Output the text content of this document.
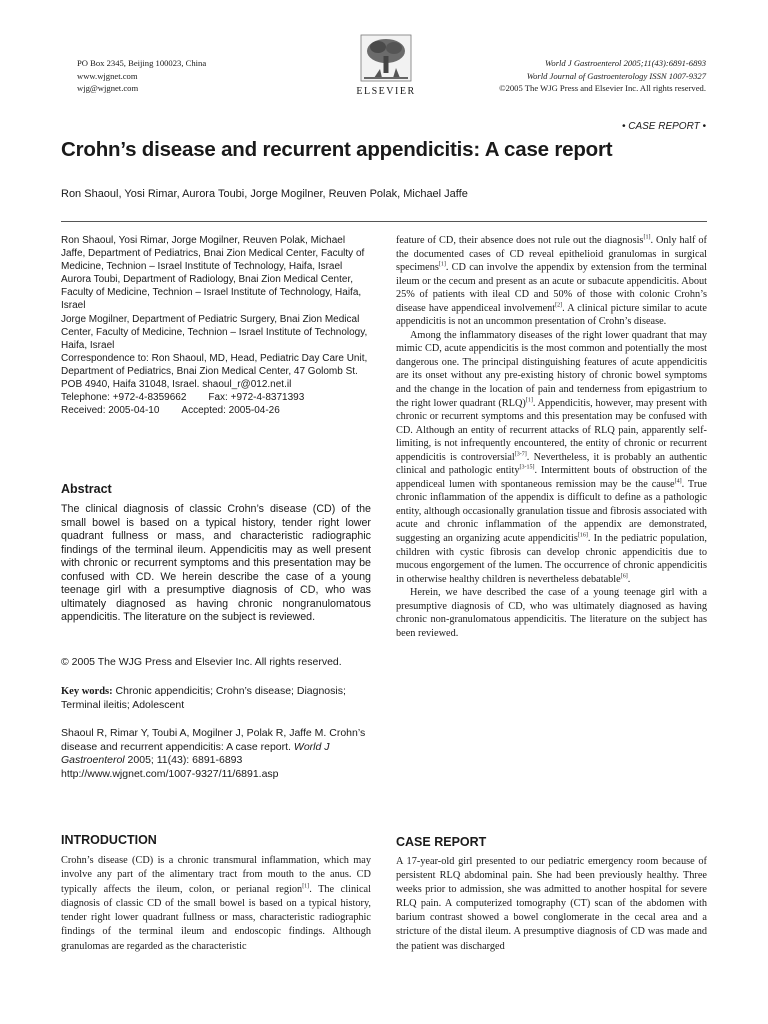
PO Box 2345, Beijing 100023, China
www.wjgnet.com
wjg@wjgnet.com	ELSEVIER
World J Gastroenterol 2005;11(43):6891-6893
World Journal of Gastroenterology ISSN 1007-9327
©2005 The WJG Press and Elsevier Inc. All rights reserved.
• CASE REPORT •
Crohn’s disease and recurrent appendicitis: A case report
Ron Shaoul, Yosi Rimar, Aurora Toubi, Jorge Mogilner, Reuven Polak, Michael Jaffe

Ron Shaoul, Yosi Rimar, Jorge Mogilner, Reuven Polak, Michael Jaffe, Department of Pediatrics, Bnai Zion Medical Center, Faculty of Medicine, Technion – Israel Institute of Technology, Haifa, Israel

Aurora Toubi, Department of Radiology, Bnai Zion Medical Center, Faculty of Medicine, Technion – Israel Institute of Technology, Haifa, Israel

Jorge Mogilner, Department of Pediatric Surgery, Bnai Zion Medical Center, Faculty of Medicine, Technion – Israel Institute of Technology, Haifa, Israel

Correspondence to: Ron Shaoul, MD, Head, Pediatric Day Care Unit, Department of Pediatrics, Bnai Zion Medical Center, 47 Golomb St. POB 4940, Haifa 31048, Israel. shaoul_r@012.net.il

Telephone: +972-4-8359662 Fax: +972-4-8371393

Received: 2005-04-10 Accepted: 2005-04-26

Abstract

The clinical diagnosis of classic Crohn’s disease (CD) of the small bowel is based on a typical history, tender right lower quadrant fullness or mass, and characteristic radiographic findings of the terminal ileum. Appendicitis may as well present with chronic or recurrent symptoms and this presentation may be confused with CD. We herein describe the case of a young teenage girl with a presumptive diagnosis of CD, who was ultimately diagnosed as having chronic nongranulomatous appendicitis. The literature on the subject is reviewed.

© 2005 The WJG Press and Elsevier Inc. All rights reserved.

Key words: Chronic appendicitis; Crohn’s disease; Diagnosis; Terminal ileitis; Adolescent

Shaoul R, Rimar Y, Toubi A, Mogilner J, Polak R, Jaffe M. Crohn’s disease and recurrent appendicitis: A case report. World J Gastroenterol 2005; 11(43): 6891-6893
http://www.wjgnet.com/1007-9327/11/6891.asp

INTRODUCTION

Crohn’s disease (CD) is a chronic transmural inflammation, which may involve any part of the alimentary tract from mouth to the anus. CD typically affects the ileum, colon, or perianal region[1]. The clinical diagnosis of classic CD of the small bowel is based on a typical history, tender right lower quadrant fullness or mass, characteristic radiographic findings of the terminal ileum and endoscopic findings. Although granulomas are regarded as the characteristic

feature of CD, their absence does not rule out the diagnosis[1]. Only half of the documented cases of CD reveal epithelioid granulomas in surgical specimens[1]. CD can involve the appendix by extension from the terminal ileum or the cecum and present as an acute or subacute appendicitis. About 25% of patients with ileal CD and 50% of those with colonic Crohn’s disease have appendiceal involvement[2]. A clinical picture similar to acute appendicitis is not an uncommon presentation of Crohn’s disease.

Among the inflammatory diseases of the right lower quadrant that may mimic CD, acute appendicitis is the most common and potentially the most dangerous one. The principal distinguishing features of acute appendicitis are its onset without any pre-existing history of chronic bowel symptoms and the change in the location of pain and tenderness from epigastrium to the right lower quadrant (RLQ)[1]. Appendicitis, however, may present with chronic or recurrent symptoms and this presentation may be confused with CD. Although an entity of recurrent attacks of RLQ pain, apparently self-limiting, is not infrequently encountered, the entity of chronic or recurrent appendicitis is controversial[3-7]. Nevertheless, it is probably an authentic clinical and pathologic entity[3-15]. Intermittent bouts of obstruction of the appendiceal lumen with spontaneous remission may be the cause[4]. True chronic inflammation of the appendix is difficult to define as a pathologic entity, although occasionally granulation tissue and fibrosis associated with acute and chronic inflammation of the appendix are demonstrated, suggesting an organizing acute appendicitis[16]. In the pediatric population, children with cystic fibrosis can develop chronic appendicitis due to mucous engorgement of the lumen. The occurrence of chronic appendicitis in otherwise healthy children is nevertheless debatable[6].

Herein, we have described the case of a young teenage girl with a presumptive diagnosis of CD, who was ultimately diagnosed as having chronic non-granulomatous appendicitis. The literature on the subject has been reviewed.

CASE REPORT

A 17-year-old girl presented to our pediatric emergency room because of persistent RLQ abdominal pain. She had been previously healthy. Three weeks prior to admission, she was admitted to another hospital for severe RLQ pain. A computerized tomography (CT) scan of the abdomen with barium contrast showed a bowel conglomerate in the cecal area and a stricture of the distal ileum. A presumptive diagnosis of CD was made and the patient was discharged
